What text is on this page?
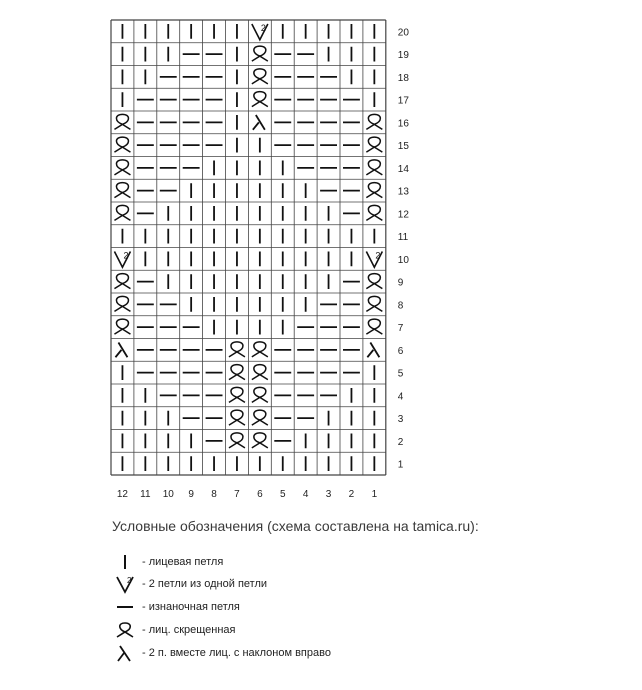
2	2
2
1
2
3
4
5
6
7
8
9
10
11
12
13
14
15
16
17
18
19
20
12 11 10 9 8 7 6 5 4 3 2 1
Условные обозначения (схема составлена на tamica.ru):
- лицевая петля
2 - 2 петли из одной петли
- изнаночная петля
- лиц. скрещенная
- 2 п. вместе лиц. с наклоном вправо
